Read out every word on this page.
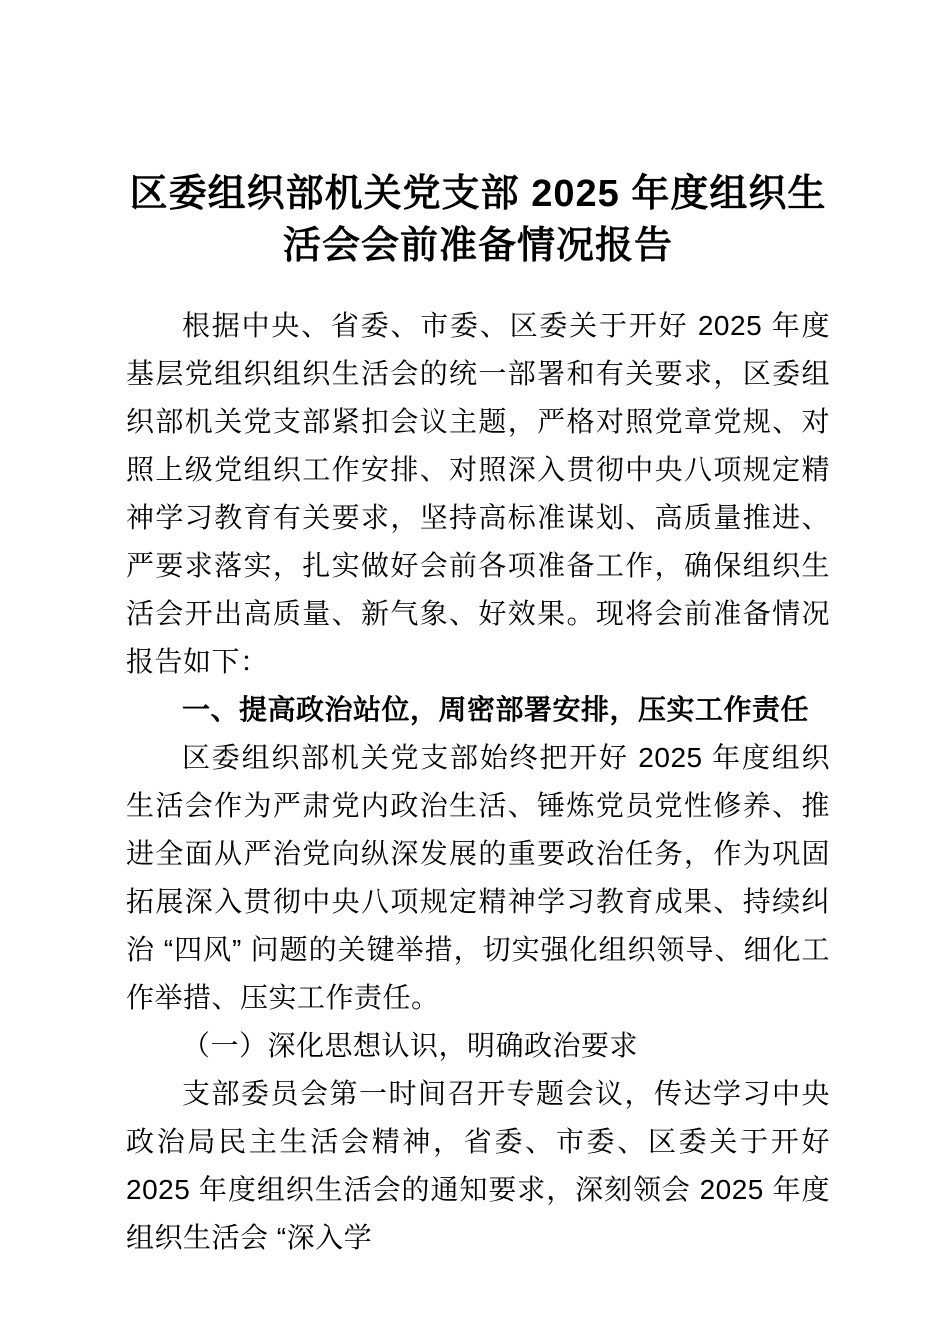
区委组织部机关党支部 2025 年度组织生活会会前准备情况报告

根据中央、省委、市委、区委关于开好 2025 年度基层党组织组织生活会的统一部署和有关要求，区委组织部机关党支部紧扣会议主题，严格对照党章党规、对照上级党组织工作安排、对照深入贯彻中央八项规定精神学习教育有关要求，坚持高标准谋划、高质量推进、严要求落实，扎实做好会前各项准备工作，确保组织生活会开出高质量、新气象、好效果。现将会前准备情况报告如下：

一、提高政治站位，周密部署安排，压实工作责任

区委组织部机关党支部始终把开好 2025 年度组织生活会作为严肃党内政治生活、锤炼党员党性修养、推进全面从严治党向纵深发展的重要政治任务，作为巩固拓展深入贯彻中央八项规定精神学习教育成果、持续纠治 “四风” 问题的关键举措，切实强化组织领导、细化工作举措、压实工作责任。

（一）深化思想认识，明确政治要求

支部委员会第一时间召开专题会议，传达学习中央政治局民主生活会精神，省委、市委、区委关于开好 2025 年度组织生活会的通知要求，深刻领会 2025 年度组织生活会 “深入学
